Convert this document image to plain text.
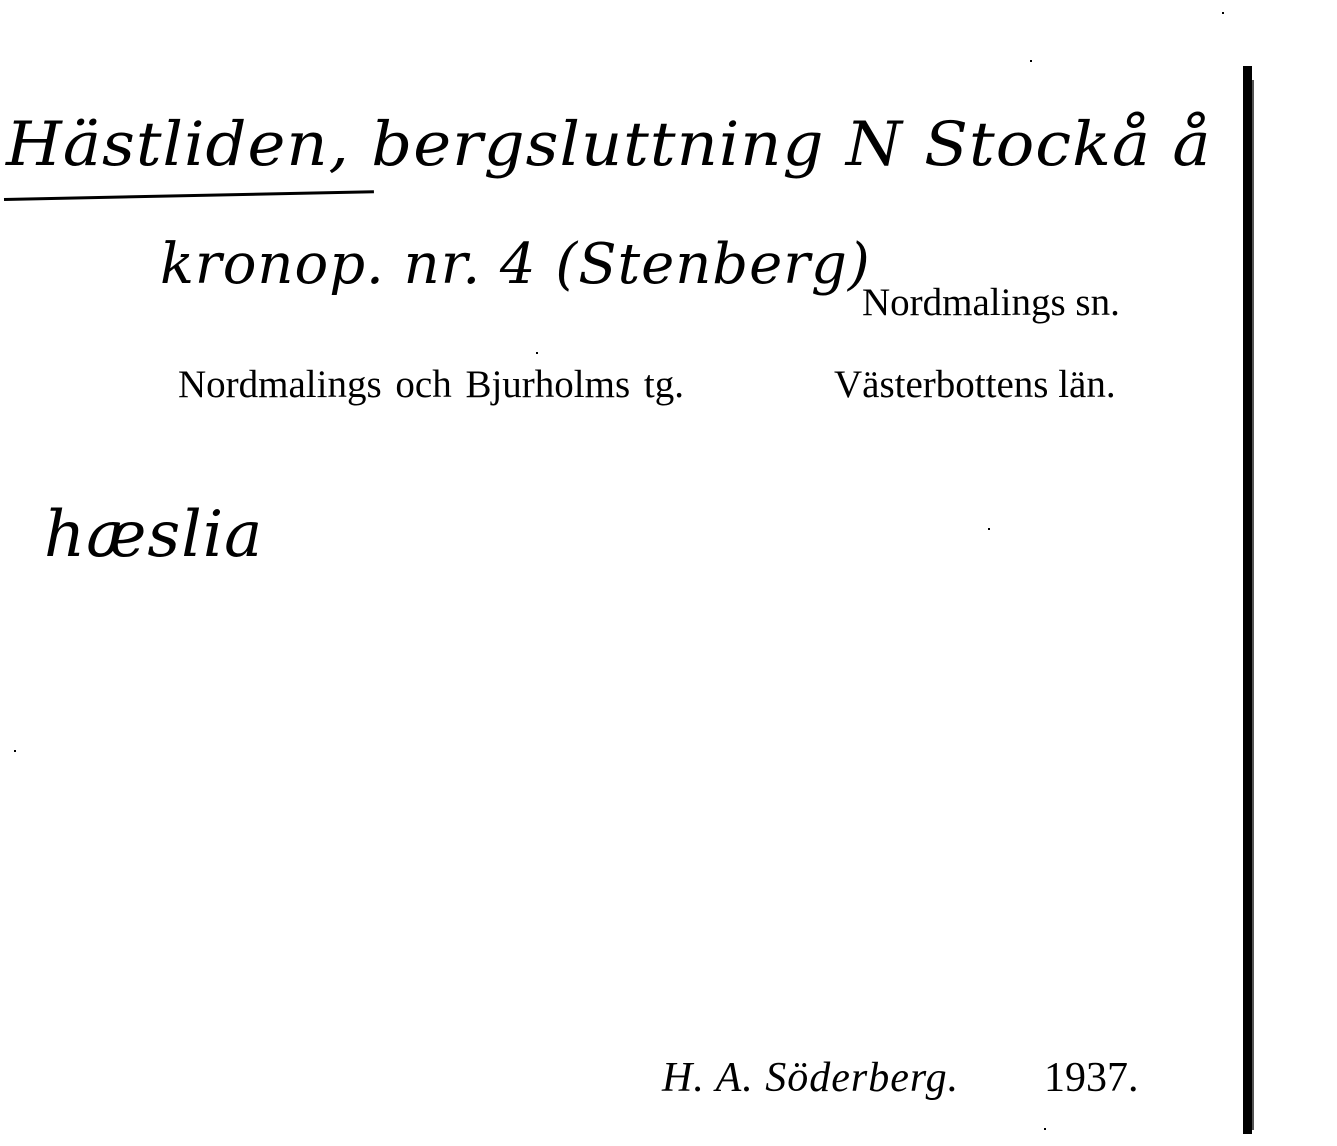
Hästliden, bergsluttning N Stockå å
kronop. nr. 4 (Stenberg)
Nordmalings sn.
Nordmalings och Bjurholms tg.	Västerbottens län.
hæslia
H. A. Söderberg. 1937.
